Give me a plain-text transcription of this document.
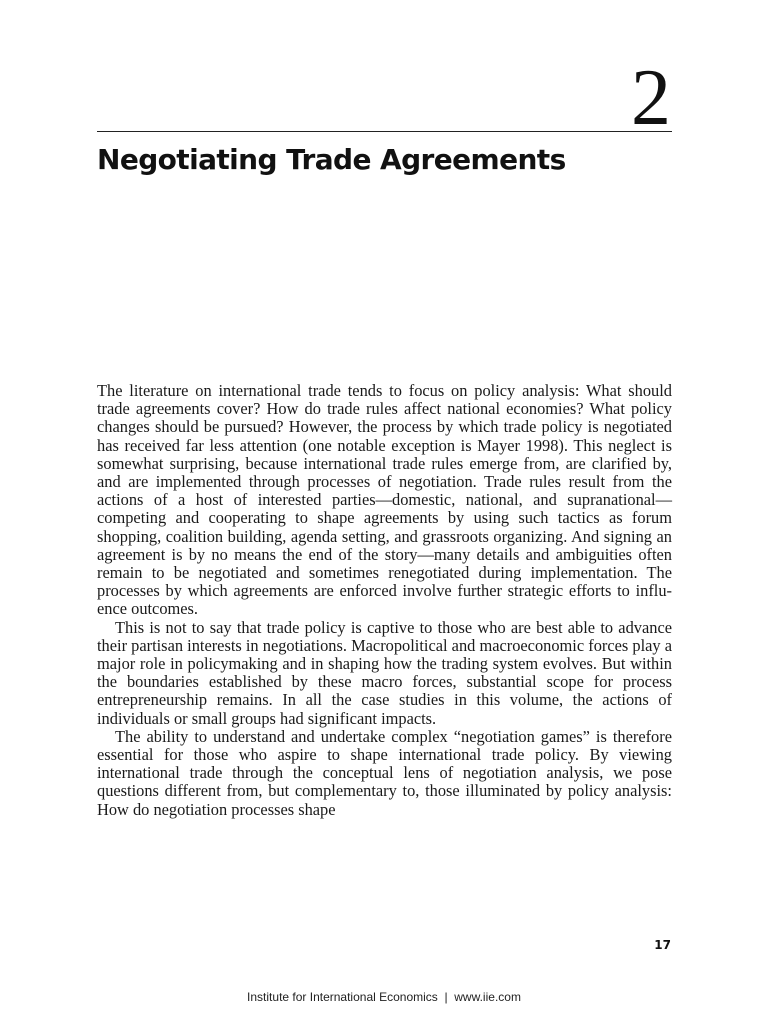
2
Negotiating Trade Agreements

The literature on international trade tends to focus on policy analysis: What should trade agreements cover? How do trade rules affect national economies? What policy changes should be pursued? However, the process by which trade policy is negotiated has received far less attention (one notable exception is Mayer 1998). This neglect is somewhat surprising, because international trade rules emerge from, are clarified by, and are implemented through processes of negotiation. Trade rules result from the actions of a host of interested parties—domestic, national, and supranational—competing and cooperating to shape agreements by using such tactics as forum shopping, coalition building, agenda setting, and grassroots organizing. And signing an agreement is by no means the end of the story—many details and ambiguities often remain to be negotiated and sometimes renegotiated during implementation. The processes by which agreements are enforced involve further strategic efforts to influence outcomes.

This is not to say that trade policy is captive to those who are best able to advance their partisan interests in negotiations. Macropolitical and macroeconomic forces play a major role in policymaking and in shaping how the trading system evolves. But within the boundaries established by these macro forces, substantial scope for process entrepreneurship remains. In all the case studies in this volume, the actions of individuals or small groups had significant impacts.

The ability to understand and undertake complex “negotiation games” is therefore essential for those who aspire to shape international trade policy. By viewing international trade through the conceptual lens of negotiation analysis, we pose questions different from, but complementary to, those illuminated by policy analysis: How do negotiation processes shape

17
Institute for International Economics  |  www.iie.com
